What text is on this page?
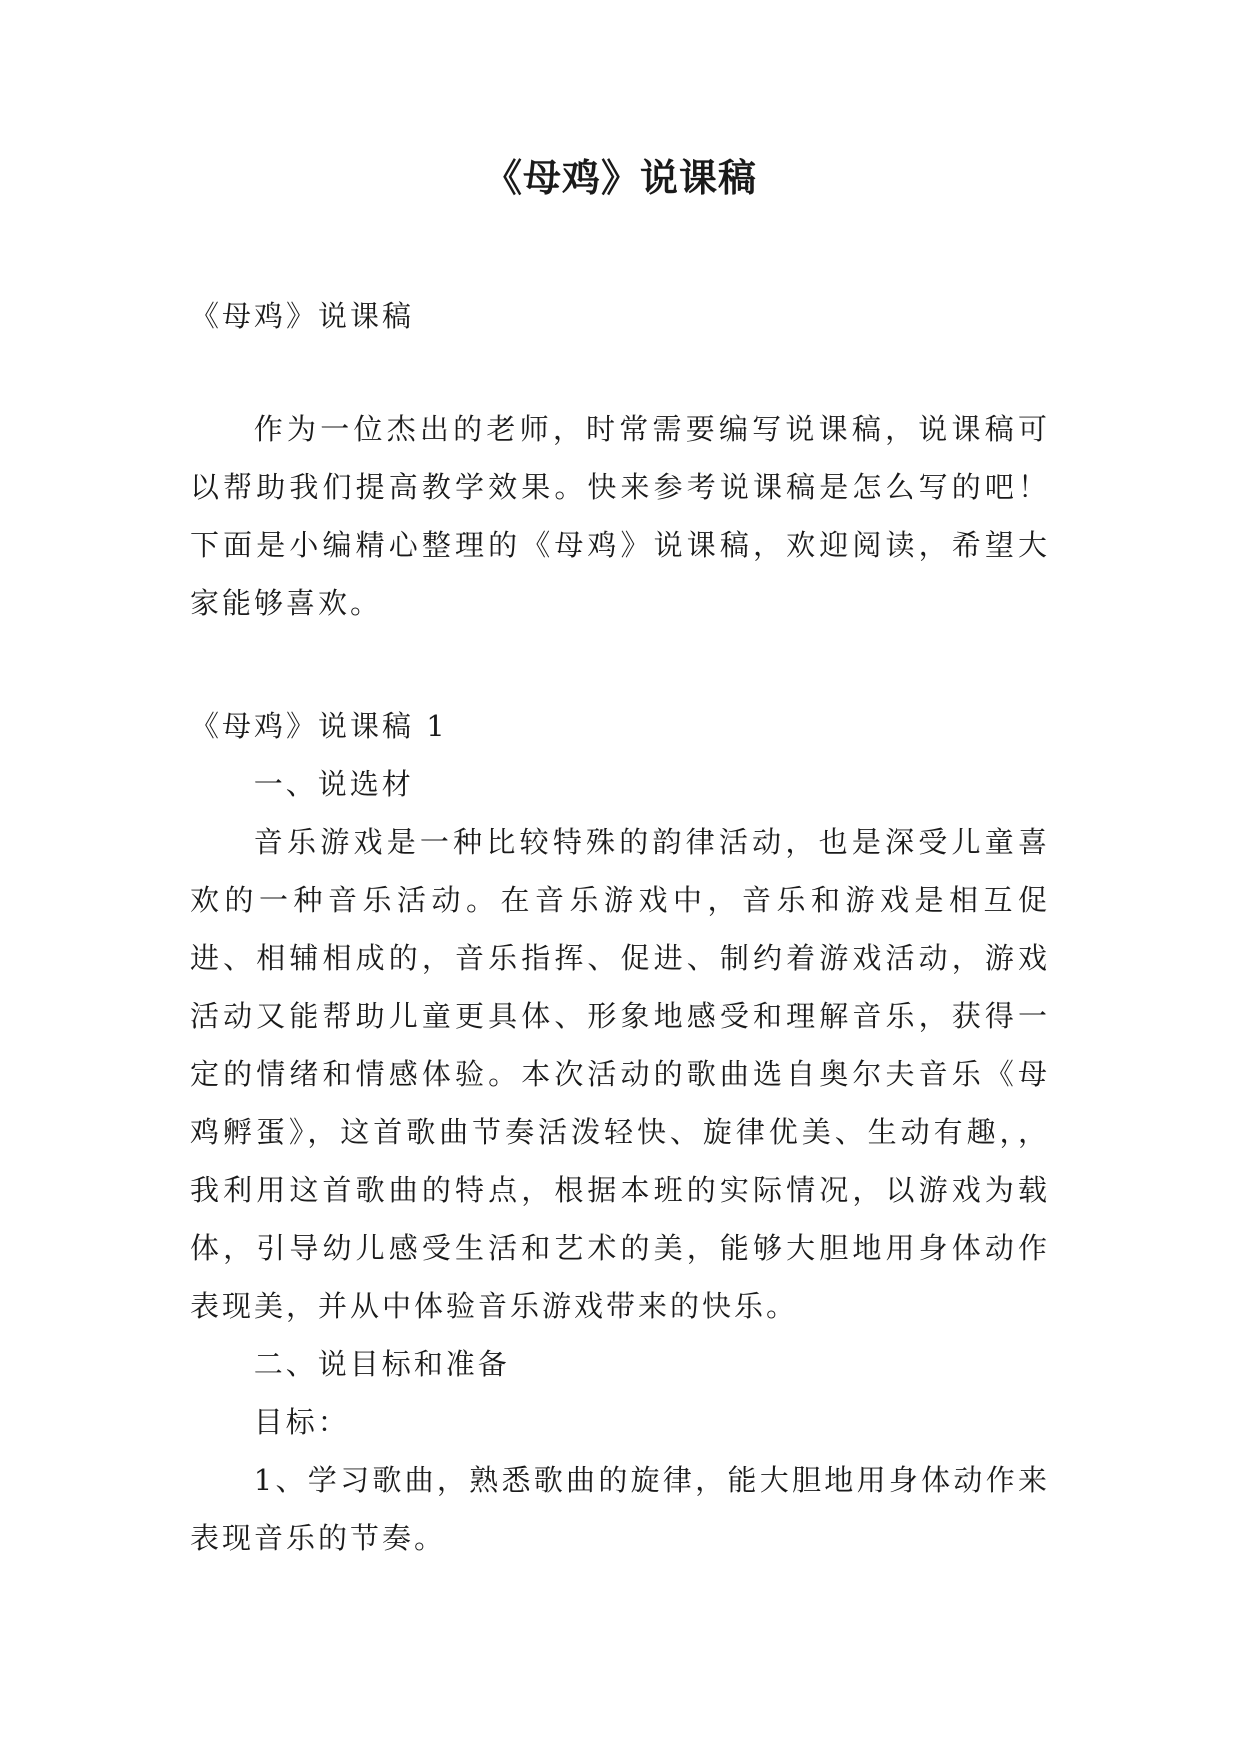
《母鸡》说课稿

《母鸡》说课稿

作为一位杰出的老师，时常需要编写说课稿，说课稿可以帮助我们提高教学效果。快来参考说课稿是怎么写的吧！下面是小编精心整理的《母鸡》说课稿，欢迎阅读，希望大家能够喜欢。

《母鸡》说课稿 1

一、说选材

音乐游戏是一种比较特殊的韵律活动，也是深受儿童喜欢的一种音乐活动。在音乐游戏中，音乐和游戏是相互促进、相辅相成的，音乐指挥、促进、制约着游戏活动，游戏活动又能帮助儿童更具体、形象地感受和理解音乐，获得一定的情绪和情感体验。本次活动的歌曲选自奥尔夫音乐《母鸡孵蛋》，这首歌曲节奏活泼轻快、旋律优美、生动有趣，，我利用这首歌曲的特点，根据本班的实际情况，以游戏为载体，引导幼儿感受生活和艺术的美，能够大胆地用身体动作表现美，并从中体验音乐游戏带来的快乐。

二、说目标和准备

目标：

1、学习歌曲，熟悉歌曲的旋律，能大胆地用身体动作来表现音乐的节奏。
